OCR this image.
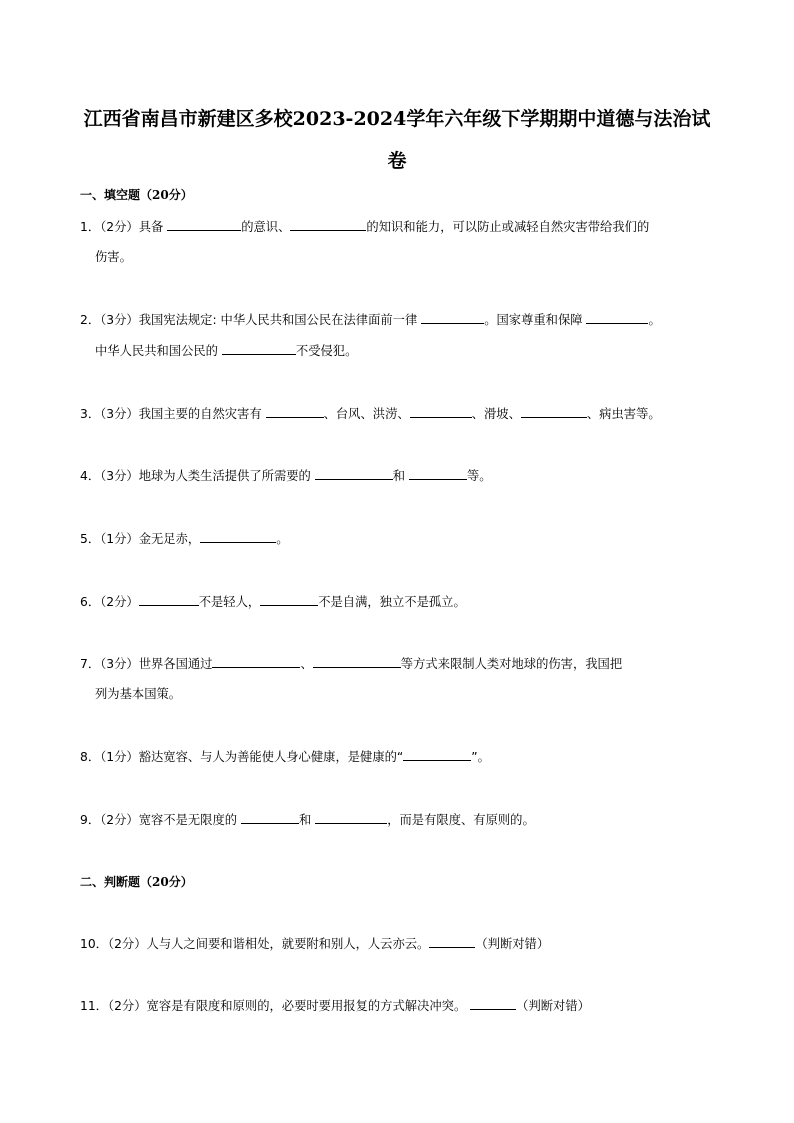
江西省南昌市新建区多校2023-2024学年六年级下学期期中道德与法治试
卷
一、填空题（20分）
1．（2分）具备	的意识、	的知识和能力，可以防止或减轻自然灾害带给我们的
伤害。
2．（3分）我国宪法规定: 中华人民共和国公民在法律面前一律	。国家尊重和保障	。
中华人民共和国公民的	不受侵犯。
3．（3分）我国主要的自然灾害有	、台风、洪涝、	、滑坡、	、病虫害等。
4．（3分）地球为人类生活提供了所需要的	和	等。
5．（1分）金无足赤，	。
6．（2分）	不是轻人，	不是自满，独立不是孤立。
7．（3分）世界各国通过	、	等方式来限制人类对地球的伤害，我国把
列为基本国策。
8．（1分）豁达宽容、与人为善能使人身心健康，是健康的“	”。
9．（2分）宽容不是无限度的	和	，而是有限度、有原则的。
二、判断题（20分）
10．（2分）人与人之间要和谐相处，就要附和别人，人云亦云。	（判断对错）
11．（2分）宽容是有限度和原则的，必要时要用报复的方式解决冲突。	（判断对错）
